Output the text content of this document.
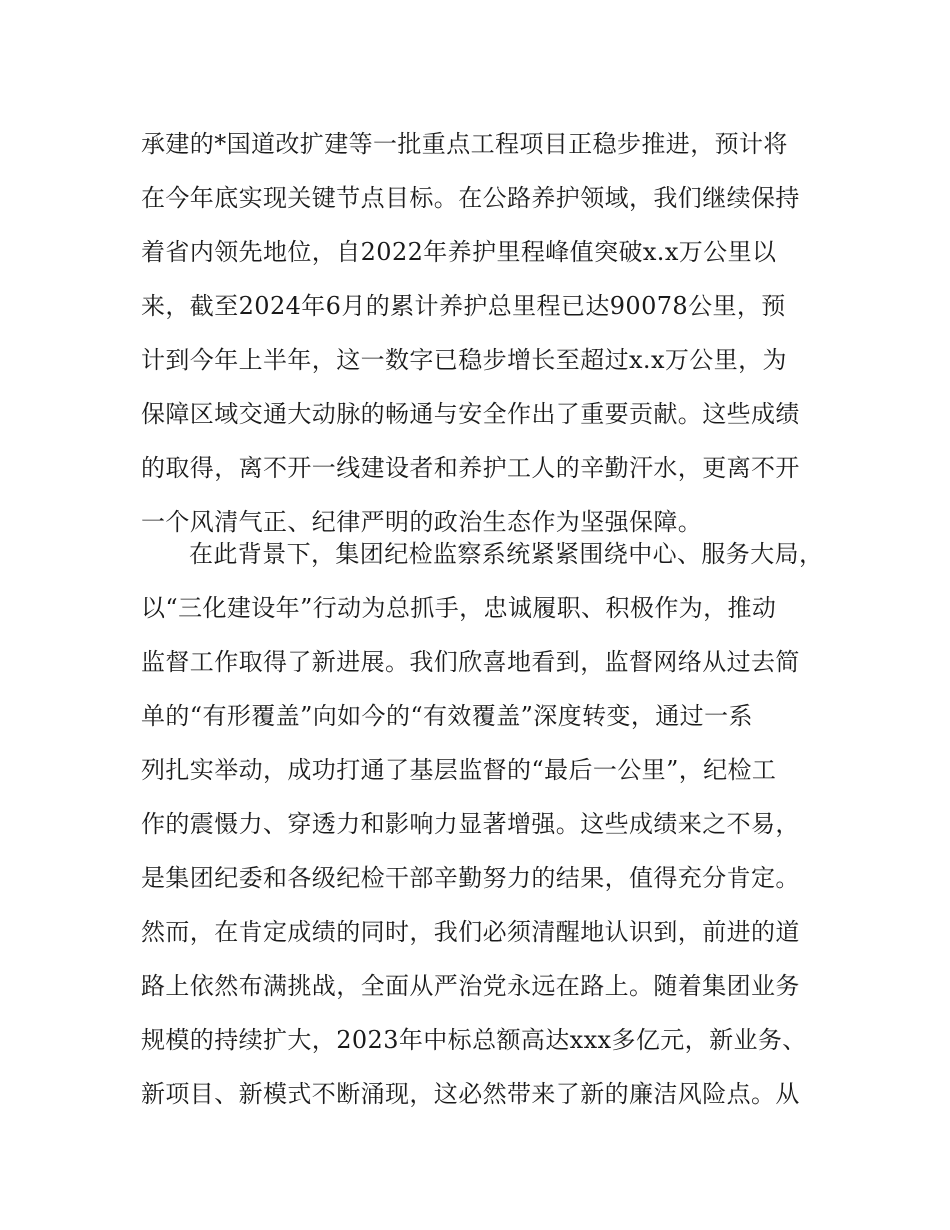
承建的*国道改扩建等一批重点工程项目正稳步推进，预计将
在今年底实现关键节点目标。在公路养护领域，我们继续保持
着省内领先地位，自2022年养护里程峰值突破x.x万公里以
来，截至2024年6月的累计养护总里程已达90078公里，预
计到今年上半年，这一数字已稳步增长至超过x.x万公里，为
保障区域交通大动脉的畅通与安全作出了重要贡献。这些成绩
的取得，离不开一线建设者和养护工人的辛勤汗水，更离不开
一个风清气正、纪律严明的政治生态作为坚强保障。
在此背景下，集团纪检监察系统紧紧围绕中心、服务大局，
以“三化建设年”行动为总抓手，忠诚履职、积极作为，推动
监督工作取得了新进展。我们欣喜地看到，监督网络从过去简
单的“有形覆盖”向如今的“有效覆盖”深度转变，通过一系
列扎实举动，成功打通了基层监督的“最后一公里”，纪检工
作的震慑力、穿透力和影响力显著增强。这些成绩来之不易，
是集团纪委和各级纪检干部辛勤努力的结果，值得充分肯定。
然而，在肯定成绩的同时，我们必须清醒地认识到，前进的道
路上依然布满挑战，全面从严治党永远在路上。随着集团业务
规模的持续扩大，2023年中标总额高达xxx多亿元，新业务、
新项目、新模式不断涌现，这必然带来了新的廉洁风险点。从
